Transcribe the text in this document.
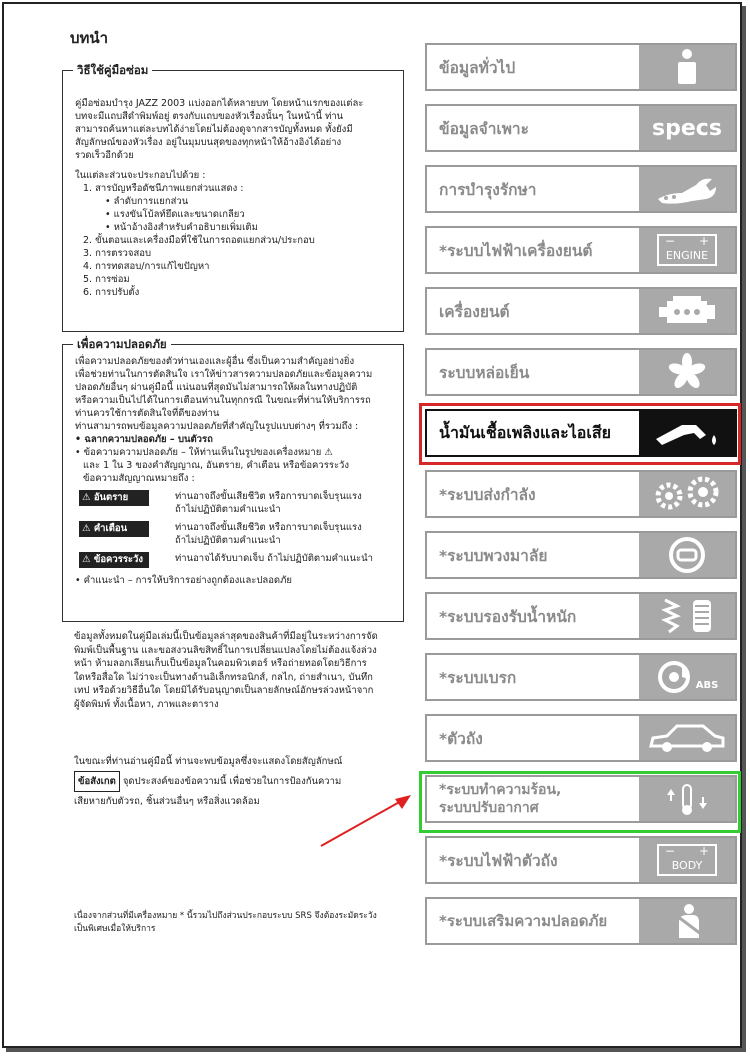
บทนำ
วิธีใช้คู่มือซ่อม

คู่มือซ่อมบำรุง JAZZ 2003 แบ่งออกได้หลายบท โดยหน้าแรกของแต่ละ

บทจะมีแถบสีดำพิมพ์อยู่ ตรงกับแถบของหัวเรื่องนั้นๆ ในหน้านี้ ท่าน

สามารถค้นหาแต่ละบทได้ง่ายโดยไม่ต้องดูจากสารบัญทั้งหมด ทั้งยังมี

สัญลักษณ์ของหัวเรื่อง อยู่ในมุมบนสุดของทุกหน้าให้อ้างอิงได้อย่าง

รวดเร็วอีกด้วย

ในแต่ละส่วนจะประกอบไปด้วย :

1. สารบัญหรือดัชนีภาพแยกส่วนแสดง :

• ลำดับการแยกส่วน

• แรงขันโบ้ลท์ยึดและขนาดเกลียว

• หน้าอ้างอิงสำหรับคำอธิบายเพิ่มเติม

2. ขั้นตอนและเครื่องมือที่ใช้ในการถอดแยกส่วน/ประกอบ

3. การตรวจสอบ

4. การทดสอบ/การแก้ไขปัญหา

5. การซ่อม

6. การปรับตั้ง

เพื่อความปลอดภัย

เพื่อความปลอดภัยของตัวท่านเองและผู้อื่น ซึ่งเป็นความสำคัญอย่างยิ่ง

เพื่อช่วยท่านในการตัดสินใจ เราให้ข่าวสารความปลอดภัยและข้อมูลความ

ปลอดภัยอื่นๆ ผ่านคู่มือนี้ แน่นอนที่สุดมันไม่สามารถให้ผลในทางปฏิบัติ

หรือความเป็นไปได้ในการเตือนท่านในทุกกรณี ในขณะที่ท่านให้บริการรถ

ท่านควรใช้การตัดสินใจที่ดีของท่าน

ท่านสามารถพบข้อมูลความปลอดภัยที่สำคัญในรูปแบบต่างๆ ที่รวมถึง :

• ฉลากความปลอดภัย – บนตัวรถ

• ข้อความความปลอดภัย – ให้ท่านเห็นในรูปของเครื่องหมาย ⚠

และ 1 ใน 3 ของคำสัญญาณ, อันตราย, คำเตือน หรือข้อควรระวัง

ข้อความสัญญาณหมายถึง :

⚠ อันตราย	ท่านอาจถึงขั้นเสียชีวิต หรือการบาดเจ็บรุนแรง

ถ้าไม่ปฏิบัติตามคำแนะนำ

⚠ คำเตือน	ท่านอาจถึงขั้นเสียชีวิต หรือการบาดเจ็บรุนแรง

ถ้าไม่ปฏิบัติตามคำแนะนำ

⚠ ข้อควรระวัง	ท่านอาจได้รับบาดเจ็บ ถ้าไม่ปฏิบัติตามคำแนะนำ

• คำแนะนำ – การให้บริการอย่างถูกต้องและปลอดภัย

ข้อมูลทั้งหมดในคู่มือเล่มนี้เป็นข้อมูลล่าสุดของสินค้าที่มีอยู่ในระหว่างการจัด

พิมพ์เป็นพื้นฐาน และขอสงวนลิขสิทธิ์ในการเปลี่ยนแปลงโดยไม่ต้องแจ้งล่วง

หน้า ห้ามลอกเลียนเก็บเป็นข้อมูลในคอมพิวเตอร์ หรือถ่ายทอดโดยวิธีการ

ใดหรือสื่อใด ไม่ว่าจะเป็นทางด้านอิเล็กทรอนิกส์, กลไก, ถ่ายสำเนา, บันทึก

เทป หรือด้วยวิธีอื่นใด โดยมิได้รับอนุญาตเป็นลายลักษณ์อักษรล่วงหน้าจาก

ผู้จัดพิมพ์ ทั้งเนื้อหา, ภาพและตาราง

ในขณะที่ท่านอ่านคู่มือนี้ ท่านจะพบข้อมูลซึ่งจะแสดงโดยสัญลักษณ์

ข้อสังเกต จุดประสงค์ของข้อความนี้ เพื่อช่วยในการป้องกันความ

เสียหายกับตัวรถ, ชิ้นส่วนอื่นๆ หรือสิ่งแวดล้อม

เนื่องจากส่วนที่มีเครื่องหมาย * นี้รวมไปถึงส่วนประกอบระบบ SRS จึงต้องระมัดระวัง

เป็นพิเศษเมื่อให้บริการ

ข้อมูลทั่วไป
ข้อมูลจำเพาะ	specs
การบำรุงรักษา
*ระบบไฟฟ้าเครื่องยนต์
− +
ENGINE
เครื่องยนต์
ระบบหล่อเย็น
น้ำมันเชื้อเพลิงและไอเสีย
*ระบบส่งกำลัง
*ระบบพวงมาลัย
*ระบบรองรับน้ำหนัก
*ระบบเบรก	ABS
*ตัวถัง
*ระบบทำความร้อน,
ระบบปรับอากาศ
*ระบบไฟฟ้าตัวถัง
− +
BODY
*ระบบเสริมความปลอดภัย
